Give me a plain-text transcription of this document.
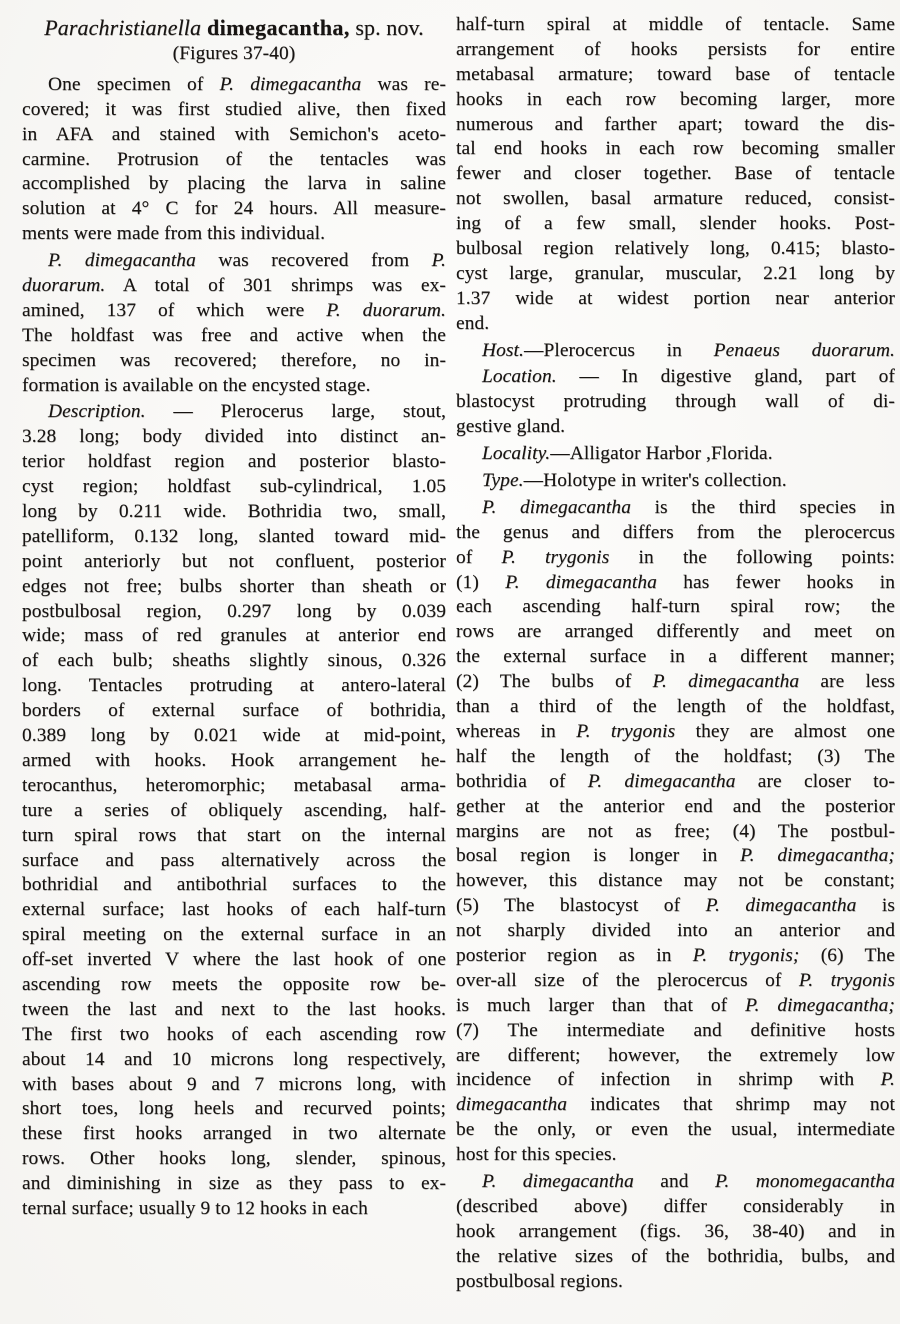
Parachristianella dimegacantha, sp. nov.
(Figures 37-40)
One specimen of P. dimegacantha was re-
covered; it was first studied alive, then fixed
in AFA and stained with Semichon's aceto-
carmine. Protrusion of the tentacles was
accomplished by placing the larva in saline
solution at 4° C for 24 hours. All measure-
ments were made from this individual.
P. dimegacantha was recovered from P.
duorarum. A total of 301 shrimps was ex-
amined, 137 of which were P. duorarum.
The holdfast was free and active when the
specimen was recovered; therefore, no in-
formation is available on the encysted stage.
Description. — Plerocerus large, stout,
3.28 long; body divided into distinct an-
terior holdfast region and posterior blasto-
cyst region; holdfast sub-cylindrical, 1.05
long by 0.211 wide. Bothridia two, small,
patelliform, 0.132 long, slanted toward mid-
point anteriorly but not confluent, posterior
edges not free; bulbs shorter than sheath or
postbulbosal region, 0.297 long by 0.039
wide; mass of red granules at anterior end
of each bulb; sheaths slightly sinous, 0.326
long. Tentacles protruding at antero-lateral
borders of external surface of bothridia,
0.389 long by 0.021 wide at mid-point,
armed with hooks. Hook arrangement he-
terocanthus, heteromorphic; metabasal arma-
ture a series of obliquely ascending, half-
turn spiral rows that start on the internal
surface and pass alternatively across the
bothridial and antibothrial surfaces to the
external surface; last hooks of each half-turn
spiral meeting on the external surface in an
off-set inverted V where the last hook of one
ascending row meets the opposite row be-
tween the last and next to the last hooks.
The first two hooks of each ascending row
about 14 and 10 microns long respectively,
with bases about 9 and 7 microns long, with
short toes, long heels and recurved points;
these first hooks arranged in two alternate
rows. Other hooks long, slender, spinous,
and diminishing in size as they pass to ex-
ternal surface; usually 9 to 12 hooks in each
half-turn spiral at middle of tentacle. Same
arrangement of hooks persists for entire
metabasal armature; toward base of tentacle
hooks in each row becoming larger, more
numerous and farther apart; toward the dis-
tal end hooks in each row becoming smaller
fewer and closer together. Base of tentacle
not swollen, basal armature reduced, consist-
ing of a few small, slender hooks. Post-
bulbosal region relatively long, 0.415; blasto-
cyst large, granular, muscular, 2.21 long by
1.37 wide at widest portion near anterior
end.
Host.—Plerocercus in Penaeus duorarum.
Location. — In digestive gland, part of
blastocyst protruding through wall of di-
gestive gland.
Locality.—Alligator Harbor ,Florida.
Type.—Holotype in writer's collection.
P. dimegacantha is the third species in
the genus and differs from the plerocercus
of P. trygonis in the following points:
(1) P. dimegacantha has fewer hooks in
each ascending half-turn spiral row; the
rows are arranged differently and meet on
the external surface in a different manner;
(2) The bulbs of P. dimegacantha are less
than a third of the length of the holdfast,
whereas in P. trygonis they are almost one
half the length of the holdfast; (3) The
bothridia of P. dimegacantha are closer to-
gether at the anterior end and the posterior
margins are not as free; (4) The postbul-
bosal region is longer in P. dimegacantha;
however, this distance may not be constant;
(5) The blastocyst of P. dimegacantha is
not sharply divided into an anterior and
posterior region as in P. trygonis; (6) The
over-all size of the plerocercus of P. trygonis
is much larger than that of P. dimegacantha;
(7) The intermediate and definitive hosts
are different; however, the extremely low
incidence of infection in shrimp with P.
dimegacantha indicates that shrimp may not
be the only, or even the usual, intermediate
host for this species.
P. dimegacantha and P. monomegacantha
(described above) differ considerably in
hook arrangement (figs. 36, 38-40) and in
the relative sizes of the bothridia, bulbs, and
postbulbosal regions.
